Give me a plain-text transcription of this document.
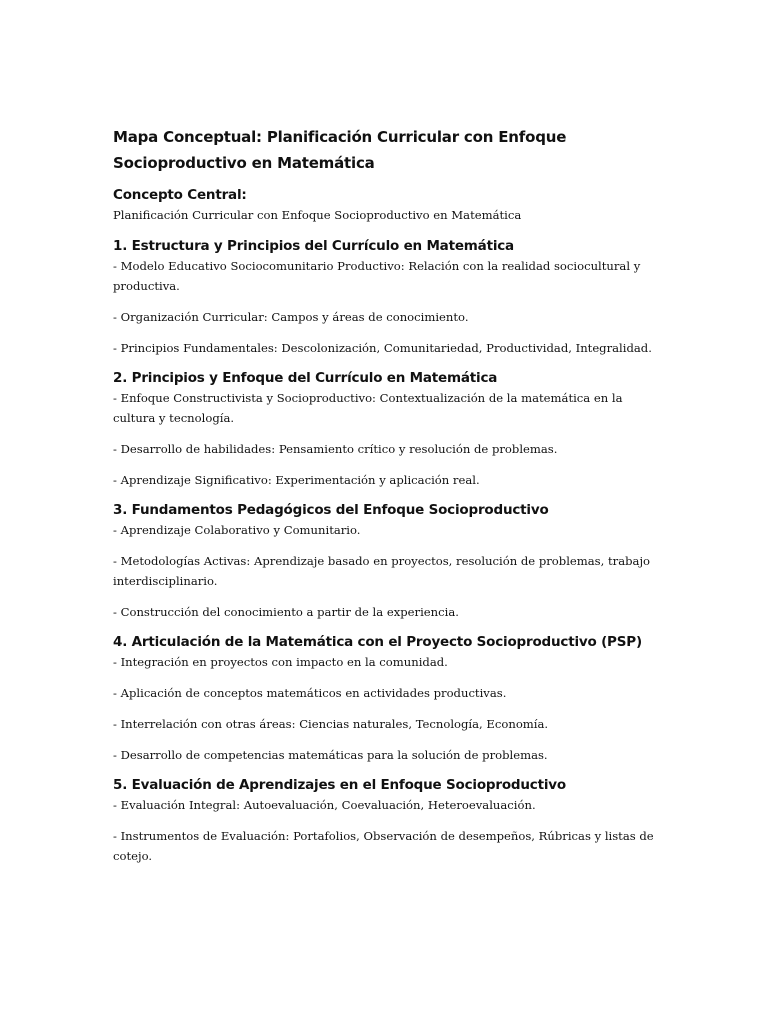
Mapa Conceptual: Planificación Curricular con Enfoque Socioproductivo en Matemática
Concepto Central:

Planificación Curricular con Enfoque Socioproductivo en Matemática

1. Estructura y Principios del Currículo en Matemática

- Modelo Educativo Sociocomunitario Productivo: Relación con la realidad sociocultural y productiva.

- Organización Curricular: Campos y áreas de conocimiento.

- Principios Fundamentales: Descolonización, Comunitariedad, Productividad, Integralidad.

2. Principios y Enfoque del Currículo en Matemática

- Enfoque Constructivista y Socioproductivo: Contextualización de la matemática en la cultura y tecnología.

- Desarrollo de habilidades: Pensamiento crítico y resolución de problemas.

- Aprendizaje Significativo: Experimentación y aplicación real.

3. Fundamentos Pedagógicos del Enfoque Socioproductivo

- Aprendizaje Colaborativo y Comunitario.

- Metodologías Activas: Aprendizaje basado en proyectos, resolución de problemas, trabajo interdisciplinario.

- Construcción del conocimiento a partir de la experiencia.

4. Articulación de la Matemática con el Proyecto Socioproductivo (PSP)

- Integración en proyectos con impacto en la comunidad.

- Aplicación de conceptos matemáticos en actividades productivas.

- Interrelación con otras áreas: Ciencias naturales, Tecnología, Economía.

- Desarrollo de competencias matemáticas para la solución de problemas.

5. Evaluación de Aprendizajes en el Enfoque Socioproductivo

- Evaluación Integral: Autoevaluación, Coevaluación, Heteroevaluación.

- Instrumentos de Evaluación: Portafolios, Observación de desempeños, Rúbricas y listas de cotejo.
